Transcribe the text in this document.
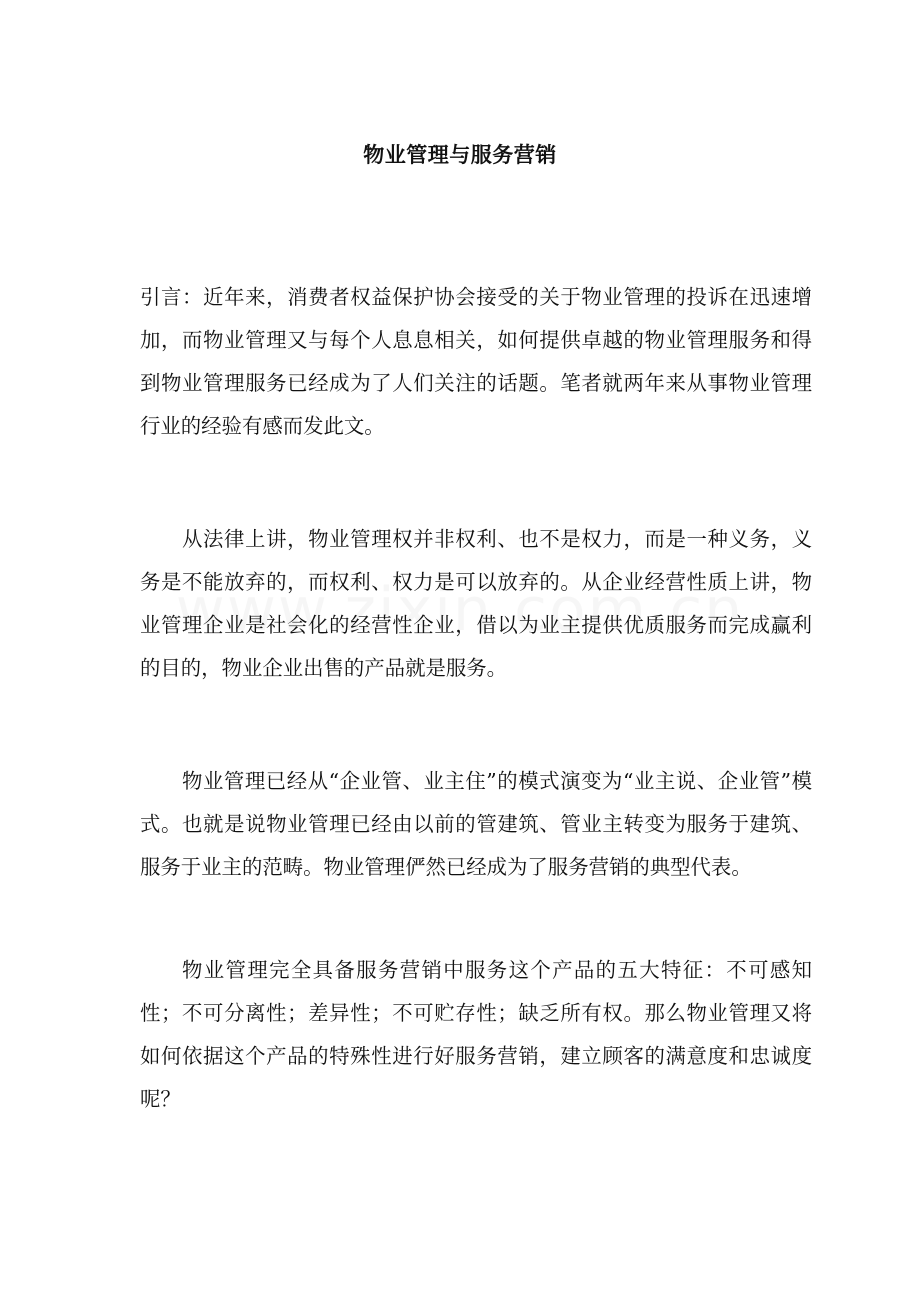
物业管理与服务营销

引言：近年来，消费者权益保护协会接受的关于物业管理的投诉在迅速增加，而物业管理又与每个人息息相关，如何提供卓越的物业管理服务和得到物业管理服务已经成为了人们关注的话题。笔者就两年来从事物业管理行业的经验有感而发此文。

从法律上讲，物业管理权并非权利、也不是权力，而是一种义务，义务是不能放弃的，而权利、权力是可以放弃的。从企业经营性质上讲，物业管理企业是社会化的经营性企业，借以为业主提供优质服务而完成赢利的目的，物业企业出售的产品就是服务。

物业管理已经从“企业管、业主住”的模式演变为“业主说、企业管”模式。也就是说物业管理已经由以前的管建筑、管业主转变为服务于建筑、服务于业主的范畴。物业管理俨然已经成为了服务营销的典型代表。

物业管理完全具备服务营销中服务这个产品的五大特征：不可感知性；不可分离性；差异性；不可贮存性；缺乏所有权。那么物业管理又将如何依据这个产品的特殊性进行好服务营销，建立顾客的满意度和忠诚度呢？
